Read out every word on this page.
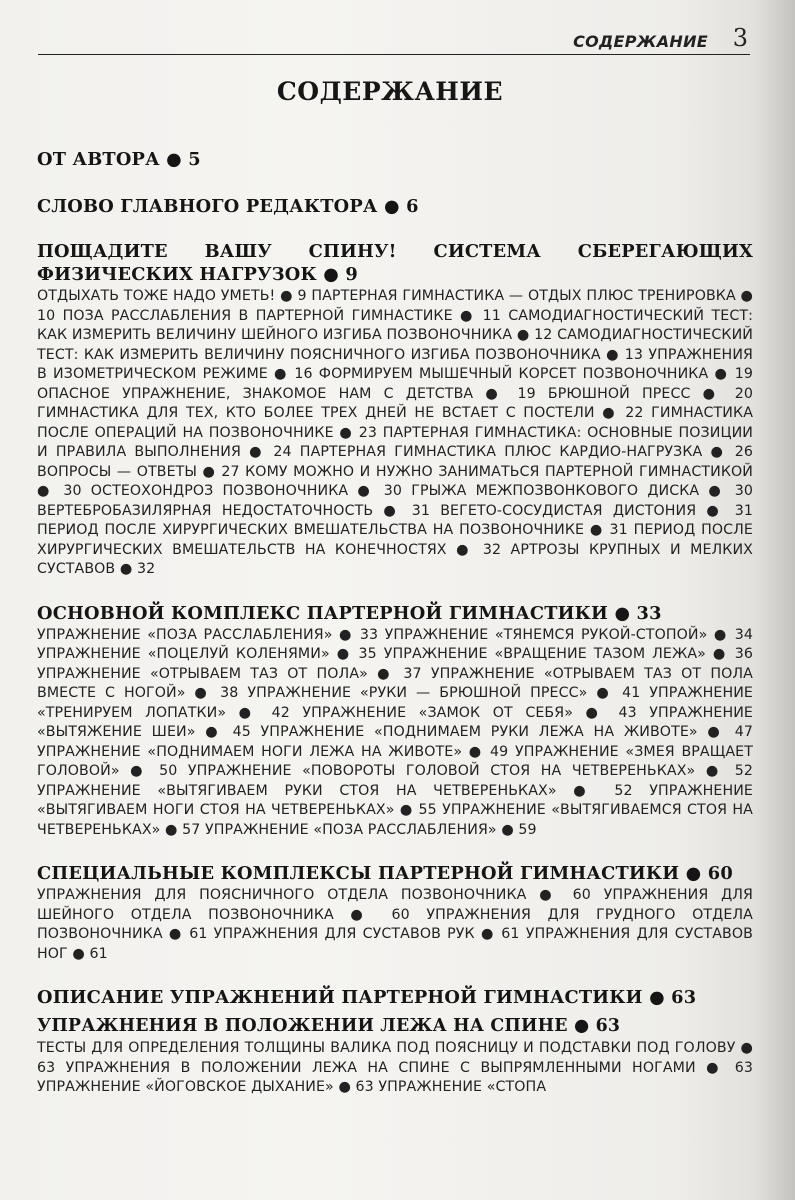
СОДЕРЖАНИЕ 3
СОДЕРЖАНИЕ
ОТ АВТОРА ● 5
СЛОВО ГЛАВНОГО РЕДАКТОРА ● 6
ПОЩАДИТЕ ВАШУ СПИНУ! СИСТЕМА СБЕРЕГАЮЩИХ ФИЗИЧЕСКИХ НАГРУЗОК ● 9
ОТДЫХАТЬ ТОЖЕ НАДО УМЕТЬ! ● 9 ПАРТЕРНАЯ ГИМНАСТИКА — ОТДЫХ ПЛЮС ТРЕНИРОВКА ● 10 ПОЗА РАССЛАБЛЕНИЯ В ПАРТЕРНОЙ ГИМНАСТИКЕ ● 11 САМОДИАГНОСТИЧЕСКИЙ ТЕСТ: КАК ИЗМЕРИТЬ ВЕЛИЧИНУ ШЕЙНОГО ИЗГИБА ПОЗВОНОЧНИКА ● 12 САМОДИАГНОСТИЧЕСКИЙ ТЕСТ: КАК ИЗМЕРИТЬ ВЕЛИЧИНУ ПОЯСНИЧНОГО ИЗГИБА ПОЗВОНОЧНИКА ● 13 УПРАЖНЕНИЯ В ИЗОМЕТРИЧЕСКОМ РЕЖИМЕ ● 16 ФОРМИРУЕМ МЫШЕЧНЫЙ КОРСЕТ ПОЗВОНОЧНИКА ● 19 ОПАСНОЕ УПРАЖНЕНИЕ, ЗНАКОМОЕ НАМ С ДЕТСТВА ● 19 БРЮШНОЙ ПРЕСС ● 20 ГИМНАСТИКА ДЛЯ ТЕХ, КТО БОЛЕЕ ТРЕХ ДНЕЙ НЕ ВСТАЕТ С ПОСТЕЛИ ● 22 ГИМНАСТИКА ПОСЛЕ ОПЕРАЦИЙ НА ПОЗВОНОЧНИКЕ ● 23 ПАРТЕРНАЯ ГИМНАСТИКА: ОСНОВНЫЕ ПОЗИЦИИ И ПРАВИЛА ВЫПОЛНЕНИЯ ● 24 ПАРТЕРНАЯ ГИМНАСТИКА ПЛЮС КАРДИО-НАГРУЗКА ● 26 ВОПРОСЫ — ОТВЕТЫ ● 27 КОМУ МОЖНО И НУЖНО ЗАНИМАТЬСЯ ПАРТЕРНОЙ ГИМНАСТИКОЙ ● 30 ОСТЕОХОНДРОЗ ПОЗВОНОЧНИКА ● 30 ГРЫЖА МЕЖПОЗВОНКОВОГО ДИСКА ● 30 ВЕРТЕБРОБАЗИЛЯРНАЯ НЕДОСТАТОЧНОСТЬ ● 31 ВЕГЕТО-СОСУДИСТАЯ ДИСТОНИЯ ● 31 ПЕРИОД ПОСЛЕ ХИРУРГИЧЕСКИХ ВМЕШАТЕЛЬСТВА НА ПОЗВОНОЧНИКЕ ● 31 ПЕРИОД ПОСЛЕ ХИРУРГИЧЕСКИХ ВМЕШАТЕЛЬСТВ НА КОНЕЧНОСТЯХ ● 32 АРТРОЗЫ КРУПНЫХ И МЕЛКИХ СУСТАВОВ ● 32
ОСНОВНОЙ КОМПЛЕКС ПАРТЕРНОЙ ГИМНАСТИКИ ● 33
УПРАЖНЕНИЕ «ПОЗА РАССЛАБЛЕНИЯ» ● 33 УПРАЖНЕНИЕ «ТЯНЕМСЯ РУКОЙ-СТОПОЙ» ● 34 УПРАЖНЕНИЕ «ПОЦЕЛУЙ КОЛЕНЯМИ» ● 35 УПРАЖНЕНИЕ «ВРАЩЕНИЕ ТАЗОМ ЛЕЖА» ● 36 УПРАЖНЕНИЕ «ОТРЫВАЕМ ТАЗ ОТ ПОЛА» ● 37 УПРАЖНЕНИЕ «ОТРЫВАЕМ ТАЗ ОТ ПОЛА ВМЕСТЕ С НОГОЙ» ● 38 УПРАЖНЕНИЕ «РУКИ — БРЮШНОЙ ПРЕСС» ● 41 УПРАЖНЕНИЕ «ТРЕНИРУЕМ ЛОПАТКИ» ● 42 УПРАЖНЕНИЕ «ЗАМОК ОТ СЕБЯ» ● 43 УПРАЖНЕНИЕ «ВЫТЯЖЕНИЕ ШЕИ» ● 45 УПРАЖНЕНИЕ «ПОДНИМАЕМ РУКИ ЛЕЖА НА ЖИВОТЕ» ● 47 УПРАЖНЕНИЕ «ПОДНИМАЕМ НОГИ ЛЕЖА НА ЖИВОТЕ» ● 49 УПРАЖНЕНИЕ «ЗМЕЯ ВРАЩАЕТ ГОЛОВОЙ» ● 50 УПРАЖНЕНИЕ «ПОВОРОТЫ ГОЛОВОЙ СТОЯ НА ЧЕТВЕРЕНЬКАХ» ● 52 УПРАЖНЕНИЕ «ВЫТЯГИВАЕМ РУКИ СТОЯ НА ЧЕТВЕРЕНЬКАХ» ● 52 УПРАЖНЕНИЕ «ВЫТЯГИВАЕМ НОГИ СТОЯ НА ЧЕТВЕРЕНЬКАХ» ● 55 УПРАЖНЕНИЕ «ВЫТЯГИВАЕМСЯ СТОЯ НА ЧЕТВЕРЕНЬКАХ» ● 57 УПРАЖНЕНИЕ «ПОЗА РАССЛАБЛЕНИЯ» ● 59
СПЕЦИАЛЬНЫЕ КОМПЛЕКСЫ ПАРТЕРНОЙ ГИМНАСТИКИ ● 60
УПРАЖНЕНИЯ ДЛЯ ПОЯСНИЧНОГО ОТДЕЛА ПОЗВОНОЧНИКА ● 60 УПРАЖНЕНИЯ ДЛЯ ШЕЙНОГО ОТДЕЛА ПОЗВОНОЧНИКА ● 60 УПРАЖНЕНИЯ ДЛЯ ГРУДНОГО ОТДЕЛА ПОЗВОНОЧНИКА ● 61 УПРАЖНЕНИЯ ДЛЯ СУСТАВОВ РУК ● 61 УПРАЖНЕНИЯ ДЛЯ СУСТАВОВ НОГ ● 61
ОПИСАНИЕ УПРАЖНЕНИЙ ПАРТЕРНОЙ ГИМНАСТИКИ ● 63
УПРАЖНЕНИЯ В ПОЛОЖЕНИИ ЛЕЖА НА СПИНЕ ● 63
ТЕСТЫ ДЛЯ ОПРЕДЕЛЕНИЯ ТОЛЩИНЫ ВАЛИКА ПОД ПОЯСНИЦУ И ПОДСТАВКИ ПОД ГОЛОВУ ● 63 УПРАЖНЕНИЯ В ПОЛОЖЕНИИ ЛЕЖА НА СПИНЕ С ВЫПРЯМЛЕННЫМИ НОГАМИ ● 63 УПРАЖНЕНИЕ «ЙОГОВСКОЕ ДЫХАНИЕ» ● 63 УПРАЖНЕНИЕ «СТОПА
